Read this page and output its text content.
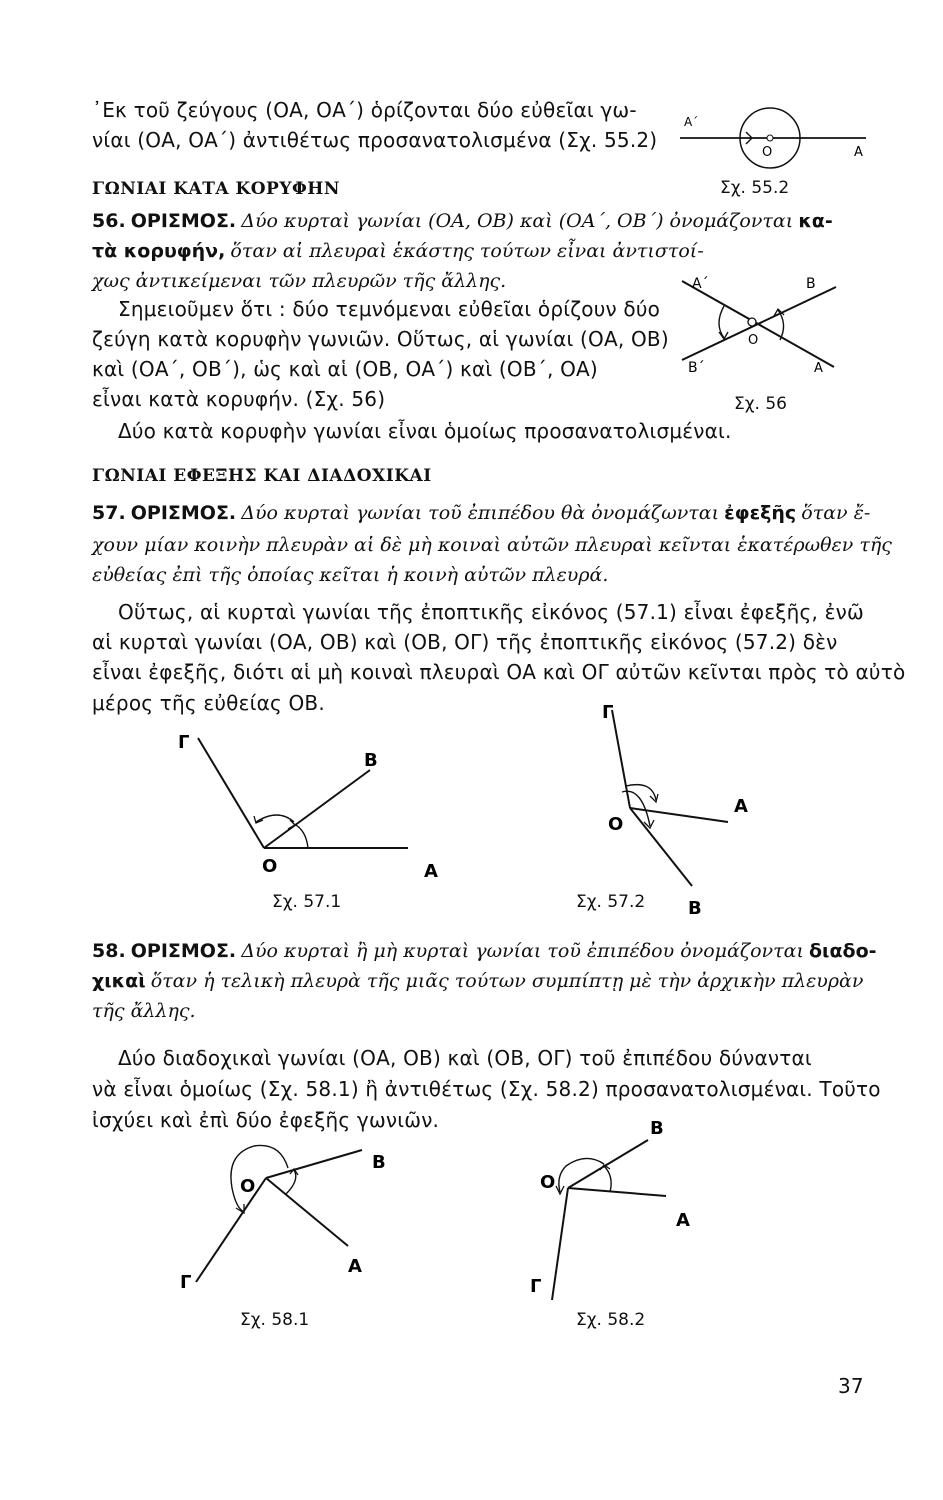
᾿Εκ τοῦ ζεύγους (ΟΑ, ΟΑ΄) ὁρίζονται δύο εὐθεῖαι γω-
νίαι (ΟΑ, ΟΑ΄) ἀντιθέτως προσανατολισμένα (Σχ. 55.2)
Α΄
Ο	Α
Σχ. 55.2
ΓΩΝΙΑΙ ΚΑΤΑ ΚΟΡΥΦΗΝ
56. ΟΡΙΣΜΟΣ. Δύο κυρταὶ γωνίαι (ΟΑ, ΟΒ) καὶ (ΟΑ΄, ΟΒ΄) ὀνομάζονται κα-
τὰ κορυφήν, ὅταν αἱ πλευραὶ ἑκάστης τούτων εἶναι ἀντιστοί-
χως ἀντικείμεναι τῶν πλευρῶν τῆς ἄλλης.
Σημειοῦμεν ὅτι : δύο τεμνόμεναι εὐθεῖαι ὁρίζουν δύο
ζεύγη κατὰ κορυφὴν γωνιῶν. Οὕτως, αἱ γωνίαι (ΟΑ, ΟΒ)
καὶ (ΟΑ΄, ΟΒ΄), ὡς καὶ αἱ (ΟΒ, ΟΑ΄) καὶ (ΟΒ΄, ΟΑ)
εἶναι κατὰ κορυφήν. (Σχ. 56)
Δύο κατὰ κορυφὴν γωνίαι εἶναι ὁμοίως προσανατολισμέναι.
Α΄	Β
Ο
Β΄	Α
Σχ. 56
ΓΩΝΙΑΙ ΕΦΕΞΗΣ ΚΑΙ ΔΙΑΔΟΧΙΚΑΙ
57. ΟΡΙΣΜΟΣ. Δύο κυρταὶ γωνίαι τοῦ ἐπιπέδου θὰ ὀνομάζωνται ἐφεξῆς ὅταν ἔ-
χουν μίαν κοινὴν πλευρὰν αἱ δὲ μὴ κοιναὶ αὐτῶν πλευραὶ κεῖνται ἑκατέρωθεν τῆς
εὐθείας ἐπὶ τῆς ὁποίας κεῖται ἡ κοινὴ αὐτῶν πλευρά.
Οὕτως, αἱ κυρταὶ γωνίαι τῆς ἐποπτικῆς εἰκόνος (57.1) εἶναι ἐφεξῆς, ἐνῶ
αἱ κυρταὶ γωνίαι (ΟΑ, ΟΒ) καὶ (ΟΒ, ΟΓ) τῆς ἐποπτικῆς εἰκόνος (57.2) δὲν
εἶναι ἐφεξῆς, διότι αἱ μὴ κοιναὶ πλευραὶ ΟΑ καὶ ΟΓ αὐτῶν κεῖνται πρὸς τὸ αὐτὸ
μέρος τῆς εὐθείας ΟΒ.
Γ
Β
Ο	Α
Σχ. 57.1
Γ
Α
Ο
Β
Σχ. 57.2
58. ΟΡΙΣΜΟΣ. Δύο κυρταὶ ἢ μὴ κυρταὶ γωνίαι τοῦ ἐπιπέδου ὀνομάζονται διαδο-
χικαὶ ὅταν ἡ τελικὴ πλευρὰ τῆς μιᾶς τούτων συμπίπτῃ μὲ τὴν ἀρχικὴν πλευρὰν
τῆς ἄλλης.
Δύο διαδοχικαὶ γωνίαι (ΟΑ, ΟΒ) καὶ (ΟΒ, ΟΓ) τοῦ ἐπιπέδου δύνανται
νὰ εἶναι ὁμοίως (Σχ. 58.1) ἢ ἀντιθέτως (Σχ. 58.2) προσανατολισμέναι. Τοῦτο
ἰσχύει καὶ ἐπὶ δύο ἐφεξῆς γωνιῶν.
Ο
Β
Γ
Α
Σχ. 58.1
Β
Ο
Α
Γ
Σχ. 58.2
37
